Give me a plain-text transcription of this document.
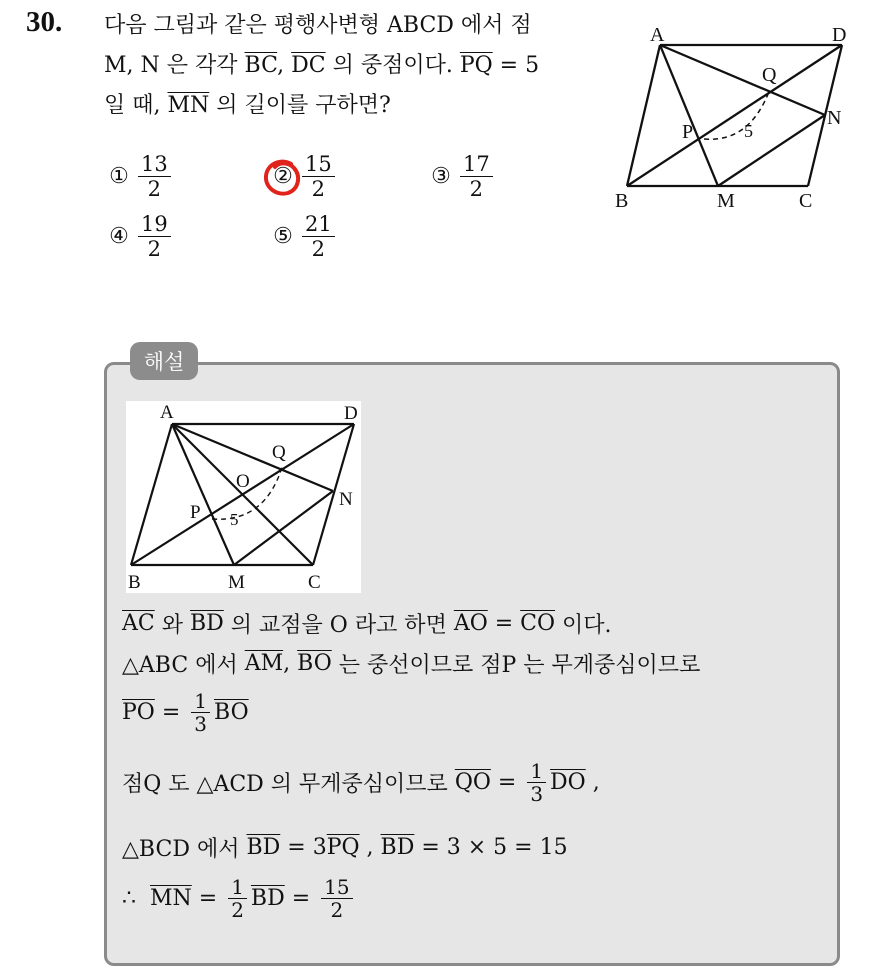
30. 다음 그림과 같은 평행사변형 ABCD 에서 점
M, N 은 각각 $\overline{BC}$, $\overline{DC}$ 의 중점이다. $\overline{PQ} = 5$
일 때, $\overline{MN}$ 의 길이를 구하면?
① $\frac{13}{2}$	② $\frac{15}{2}$	③ $\frac{17}{2}$
④ $\frac{19}{2}$	⑤ $\frac{21}{2}$
A	D
B	M	C
N
P
Q
5
해설
A	D
B	M	C
N
P
Q
O
5
$\overline{AC}$ 와 $\overline{BD}$ 의 교점을 O 라고 하면 $\overline{AO} = \overline{CO}$ 이다.
△ABC 에서 $\overline{AM}$ , $\overline{BO}$ 는 중선이므로 점P 는 무게중심이므로
$\overline{PO} = \frac{1}{3} \overline{BO}$
점Q 도 △ACD 의 무게중심이므로 $\overline{QO} = \frac{1}{3} \overline{DO}$ ,
△BCD 에서 $\overline{BD} = 3$ $\overline{PQ}$ , $\overline{BD} = 3 \times 5 = 15$
∴ $\overline{MN} = \frac{1}{2} \overline{BD} = \frac{15}{2}$
